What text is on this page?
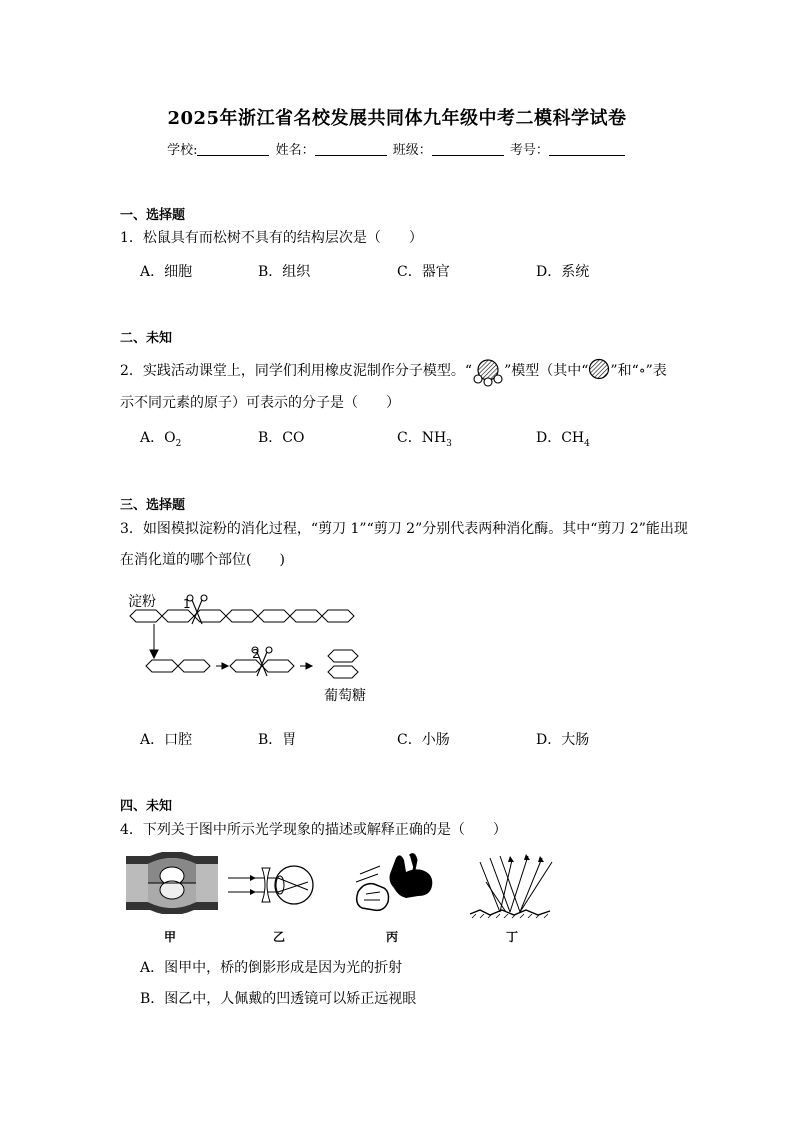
2025年浙江省名校发展共同体九年级中考二模科学试卷
学校:	姓名：	班级：	考号：
一、选择题
1．松鼠具有而松树不具有的结构层次是（　　）
A．细胞	B．组织	C．器官	D．系统
二、未知
2．实践活动课堂上，同学们利用橡皮泥制作分子模型。“ ”模型（其中“ ”和“∘”表
示不同元素的原子）可表示的分子是（　　）
A．$O_2$	B．CO	C．$NH_3$	D．$CH_4$
三、选择题
3．如图模拟淀粉的消化过程，“剪刀 1”“剪刀 2”分别代表两种消化酶。其中“剪刀 2”能出现
在消化道的哪个部位(　　)
淀粉 1
2
葡萄糖
A．口腔	B．胃	C．小肠	D．大肠
四、未知
4．下列关于图中所示光学现象的描述或解释正确的是（　　）
甲	乙	丙	丁
A．图甲中，桥的倒影形成是因为光的折射
B．图乙中，人佩戴的凹透镜可以矫正远视眼
